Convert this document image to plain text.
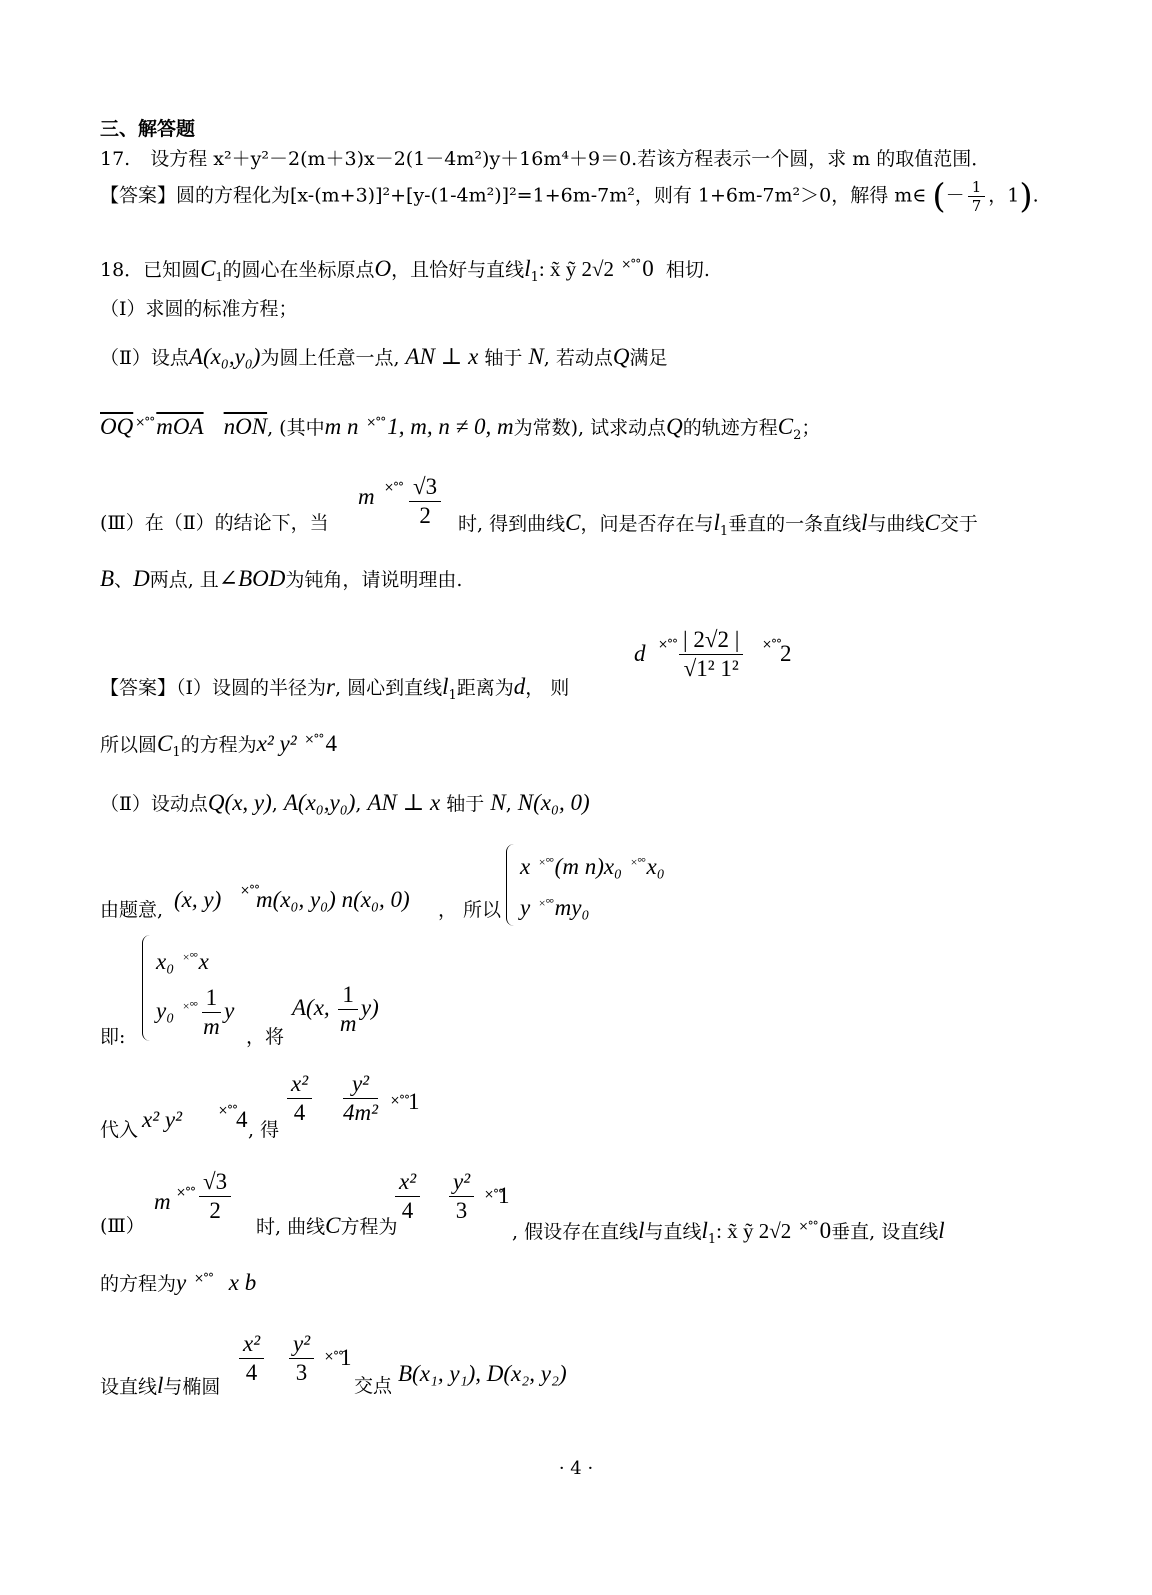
三、解答题
17. 设方程 x²＋y²－2(m＋3)x－2(1－4m²)y＋16m⁴＋9＝0.若该方程表示一个圆，求 m 的取值范围．
【答案】圆的方程化为[x-(m+3)]²+[y-(1-4m²)]²=1+6m-7m²，则有 1+6m-7m²＞0，解得 m∈ (－ $\frac{1}{7}$ ，1).
18．已知圆$C_1$的圆心在坐标原点O，且恰好与直线$l_1$: x̃ ỹ 2√2 ×°°0 相切.
（Ⅰ）求圆的标准方程；
（Ⅱ）设点A(x₀,y₀)为圆上任意一点, AN ⊥ x 轴于 N, 若动点Q满足
$\overline{OQ}$ $^{\times^\circ^\circ}\overline{mOA}$ $\overline{nON}$, (其中m n ×°°1, m, n ≠ 0, m为常数), 试求动点Q的轨迹方程$C_2$；
(Ⅲ）在（Ⅱ）的结论下，当
m ×°° $\frac{√3}{2}$ 时, 得到曲线C，问是否存在与$l_1$垂直的一条直线l与曲线C交于
B、D两点, 且∠BOD为钝角，请说明理由.
【答案】（Ⅰ）设圆的半径为r, 圆心到直线$l_1$距离为d， 则
d ×°° $\frac{| 2√2 |}{\text{√1² 1²}}$ ×°°
2
所以圆$C_1$的方程为x² y² ×°°4
（Ⅱ）设动点Q(x, y), A(x₀,y₀), AN ⊥ x 轴于 N, N(x₀, 0)
由题意, (x, y) ×°°
m(x₀, y₀) n(x₀, 0) ， 所以
x ×°°(m n)x₀ ×°°x₀
y ×°°my₀
即:
x₀ ×°°x
y₀ $^{\times^\circ^\circ} \frac{1}{m}$ y
，将
A(x, $\frac{1}{m} y$)
代入 x² y²	×°°
4 , 得
$\frac{\text{x²}}{4} \frac{\text{y²}}{\text{4m²}}$ ×°°
1
(Ⅲ）
m ×°° $\frac{√3}{2}$
时, 曲线C方程为
$\frac{\text{x²}}{4} \frac{\text{y²}}{3}$ ×°°
1
, 假设存在直线l与直线$l_1$: x̃ ỹ 2√2 ×°°0垂直, 设直线l
的方程为y ×°° x b
设直线l与椭圆 $\frac{\text{x²}}{4} \frac{\text{y²}}{3}$ ×°°
1
交点 B(x₁, y₁), D(x₂, y₂)
· 4 ·
